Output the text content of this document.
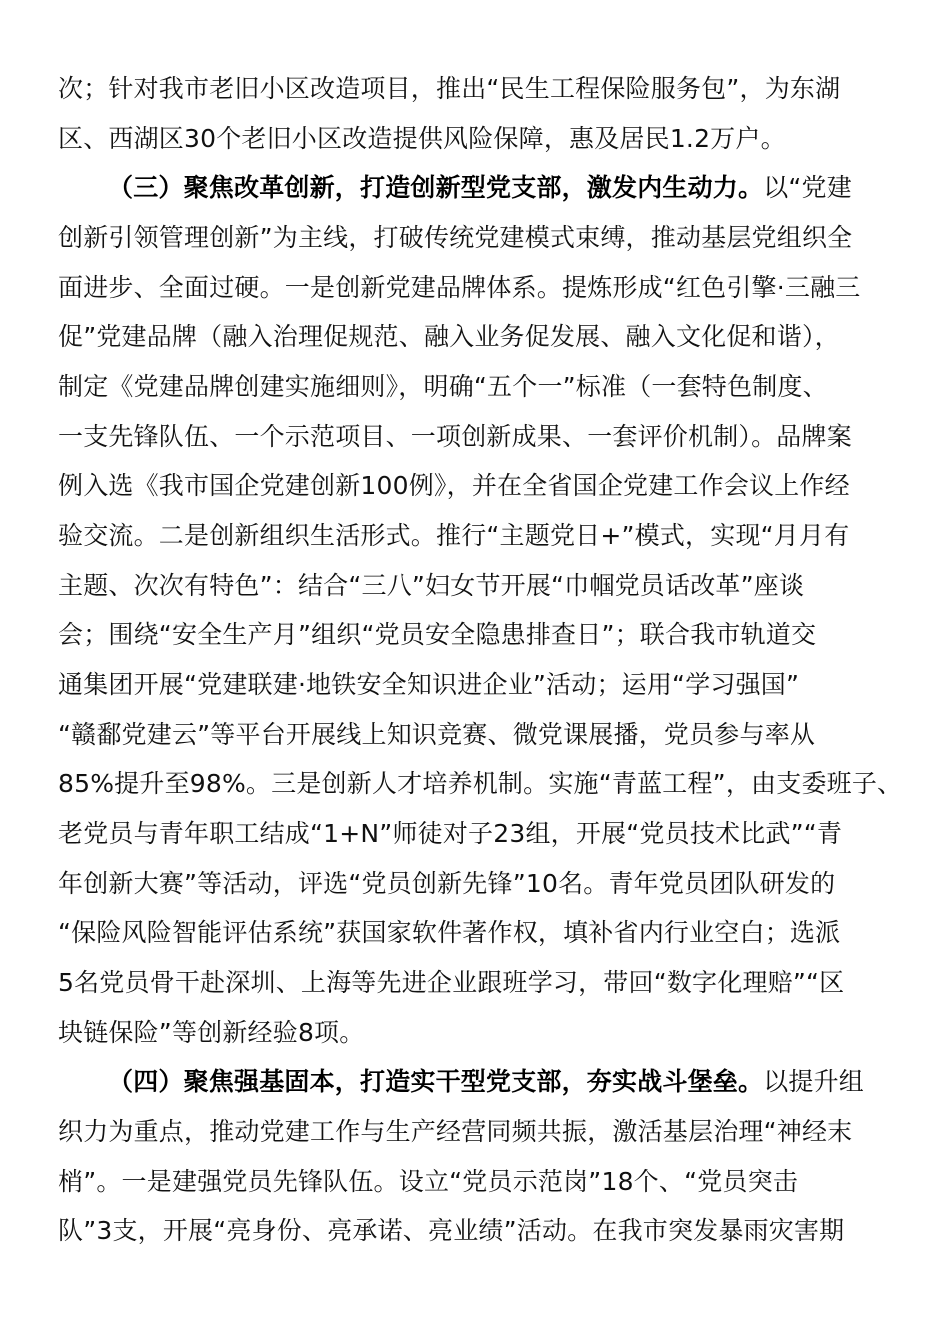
次；针对我市老旧小区改造项目，推出“民生工程保险服务包”，为东湖
区、西湖区30个老旧小区改造提供风险保障，惠及居民1.2万户。
（三）聚焦改革创新，打造创新型党支部，激发内生动力。以“党建
创新引领管理创新”为主线，打破传统党建模式束缚，推动基层党组织全
面进步、全面过硬。一是创新党建品牌体系。提炼形成“红色引擎·三融三
促”党建品牌（融入治理促规范、融入业务促发展、融入文化促和谐），
制定《党建品牌创建实施细则》，明确“五个一”标准（一套特色制度、
一支先锋队伍、一个示范项目、一项创新成果、一套评价机制）。品牌案
例入选《我市国企党建创新100例》，并在全省国企党建工作会议上作经
验交流。二是创新组织生活形式。推行“主题党日+”模式，实现“月月有
主题、次次有特色”：结合“三八”妇女节开展“巾帼党员话改革”座谈
会；围绕“安全生产月”组织“党员安全隐患排查日”；联合我市轨道交
通集团开展“党建联建·地铁安全知识进企业”活动；运用“学习强国”
“赣鄱党建云”等平台开展线上知识竞赛、微党课展播，党员参与率从
85%提升至98%。三是创新人才培养机制。实施“青蓝工程”，由支委班子、
老党员与青年职工结成“1+N”师徒对子23组，开展“党员技术比武”“青
年创新大赛”等活动，评选“党员创新先锋”10名。青年党员团队研发的
“保险风险智能评估系统”获国家软件著作权，填补省内行业空白；选派
5名党员骨干赴深圳、上海等先进企业跟班学习，带回“数字化理赔”“区
块链保险”等创新经验8项。
（四）聚焦强基固本，打造实干型党支部，夯实战斗堡垒。以提升组
织力为重点，推动党建工作与生产经营同频共振，激活基层治理“神经末
梢”。一是建强党员先锋队伍。设立“党员示范岗”18个、“党员突击
队”3支，开展“亮身份、亮承诺、亮业绩”活动。在我市突发暴雨灾害期
